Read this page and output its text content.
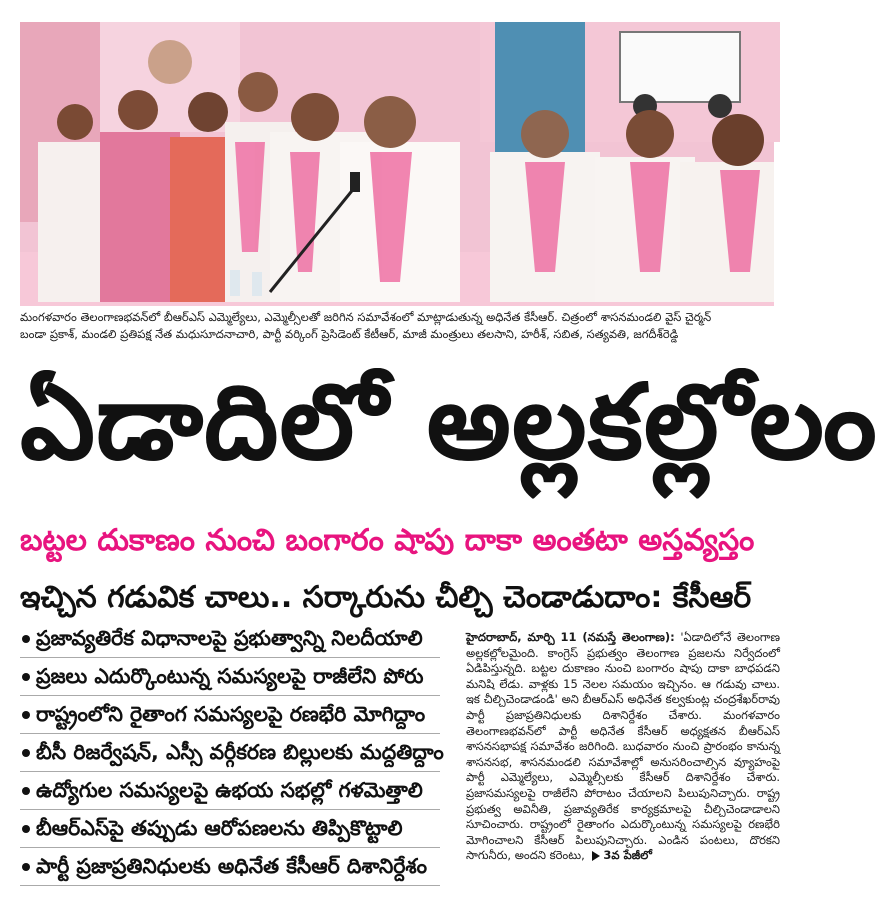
మంగళవారం తెలంగాణభవన్‌లో బీఆర్ఎస్ ఎమ్మెల్యేలు, ఎమ్మెల్సీలతో జరిగిన సమావేశంలో మాట్లాడుతున్న అధినేత కేసీఆర్. చిత్రంలో శాసనమండలి వైస్ చైర్మన్
బండా ప్రకాశ్, మండలి ప్రతిపక్ష నేత మధుసూదనాచారి, పార్టీ వర్కింగ్ ప్రెసిడెంట్ కేటీఆర్, మాజీ మంత్రులు తలసాని, హరీశ్, సబిత, సత్యవతి, జగదీశ్‌రెడ్డి
ఏడాదిలో అల్లకల్లోలం
బట్టల దుకాణం నుంచి బంగారం షాపు దాకా అంతటా అస్తవ్యస్తం
ఇచ్చిన గడువిక చాలు.. సర్కారును చీల్చి చెండాడుదాం: కేసీఆర్
ప్రజావ్యతిరేక విధానాలపై ప్రభుత్వాన్ని నిలదీయాలి
ప్రజలు ఎదుర్కొంటున్న సమస్యలపై రాజీలేని పోరు
రాష్ట్రంలోని రైతాంగ సమస్యలపై రణభేరి మోగిద్దాం
బీసీ రిజర్వేషన్, ఎస్సీ వర్గీకరణ బిల్లులకు మద్దతిద్దాం
ఉద్యోగుల సమస్యలపై ఉభయ సభల్లో గళమెత్తాలి
బీఆర్ఎస్‌పై తప్పుడు ఆరోపణలను తిప్పికొట్టాలి
పార్టీ ప్రజాప్రతినిధులకు అధినేత కేసీఆర్ దిశానిర్దేశం
హైదరాబాద్, మార్చి 11 (నమస్తే తెలంగాణ): 'ఏడాదిలోనే తెలంగాణ అల్లకల్లోలమైంది. కాంగ్రెస్ ప్రభుత్వం తెలంగాణ ప్రజలను నిర్వేదంలో ఏడిపిస్తున్నది. బట్టల దుకాణం నుంచి బంగారం షాపు దాకా బాధపడని మనిషి లేడు. వాళ్లకు 15 నెలల సమయం ఇచ్చినం. ఆ గడువు చాలు. ఇక చీల్చిచెండాడండి' అని బీఆర్ఎస్ అధినేత కల్వకుంట్ల చంద్రశేఖర్‌రావు పార్టీ ప్రజాప్రతినిధులకు దిశానిర్దేశం చేశారు. మంగళవారం తెలంగాణభవన్‌లో పార్టీ అధినేత కేసీఆర్ అధ్యక్షతన బీఆర్ఎస్ శాసనసభాపక్ష సమావేశం జరిగింది. బుధవారం నుంచి ప్రారంభం కానున్న శాసనసభ, శాసనమండలి సమావేశాల్లో అనుసరించాల్సిన వ్యూహంపై పార్టీ ఎమ్మెల్యేలు, ఎమ్మెల్సీలకు కేసీఆర్ దిశానిర్దేశం చేశారు. ప్రజాసమస్యలపై రాజీలేని పోరాటం చేయాలని పిలుపునిచ్చారు. రాష్ట్ర ప్రభుత్వ అవినీతి, ప్రజావ్యతిరేక కార్యక్రమాలపై చీల్చిచెండాడాలని సూచించారు. రాష్ట్రంలో రైతాంగం ఎదుర్కొంటున్న సమస్యలపై రణభేరి మోగించాలని కేసీఆర్ పిలుపునిచ్చారు. ఎండిన పంటలు, దొరకని సాగునీరు, అందని కరెంటు, 3వ పేజీలో
